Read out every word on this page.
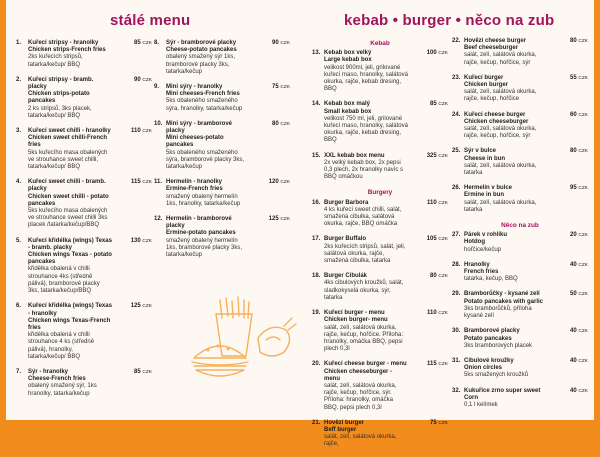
stálé menu	kebab • burger • něco na zub
1. Kuřecí stripsy - hranolky
Chicken strips-French fries
2ks kuřecích stripsů, tatarka/kečup/ BBQ
85 CZK
2. Kuřecí stripsy - bramb. placky
Chicken strips-potato pancakes
2 ks stripsů, 3ks placek, tatarka/kečup/ BBQ
90 CZK
3. Kuřecí sweet chilli - hranolky
Chicken sweet chilli-French fries
5ks kuřecího masa obalených ve strouhance sweet chilli, tatarka/kečup/ BBQ
110 CZK
4. Kuřecí sweet chilli - bramb. placky
Chicken sweet chilli - potato pancakes
5ks kuřecího masa obalených ve strouhance sweet chilli 3ks placek /tatarka/kečup/BBQ
115 CZK
5. Kuřecí křidélka (wings) Texas - bramb. placky
Chicken wings Texas - potato pancakes
křidélka obalená v chilli strouhance 4ks (středně pálivá), bramborové placky 3ks, tatarka/kečup/BBQ
130 CZK
6. Kuřecí křidélka (wings) Texas - hranolky
Chicken wings Texas-French fries
křidélka obalená v chilli strouhance 4 ks (středně pálivá), hranolky, tatarka/kečup/ BBQ
125 CZK
7. Sýr - hranolky
Cheese-French fries
obalený smažený sýr, 1ks hranolky, tatarka/kečup
85 CZK
8. Sýr - bramborové placky
Cheese-potato pancakes
obalený smažený sýr 1ks, bramborové placky 3ks, tatarka/kečup
90 CZK
9. Mini sýry - hranolky
Mini cheeses-French fries
5ks obaleného smaženého sýra, hranolky, tatarka/kečup
75 CZK
10. Mini sýry - bramborové placky
Mini cheeses-potato pancakes
5ks obaleného smaženého sýra, bramborové placky 3ks, tatarka/kečup
80 CZK
11. Hermelín - hranolky
Ermine-French fries
smažený obalený hermelín 1ks, hranolky, tatarka/kečup
120 CZK
12. Hermelín - bramborové placky
Ermine-potato pancakes
smažený obalený hermelín 1ks, bramborové placky 3ks, tatarka/kečup
125 CZK
Kebab
13. Kebab box velký
Large kebab box
velikost 900ml, jeli, grilované kuřecí maso, hranolky, salátová okurka, rajče, kebab dresing, BBQ
100 CZK
14. Kebab box malý
Small kebab box
velikost 750 ml, jeli, grilované kuřecí maso, hranolky, salátová okurka, rajče, kebab dresing, BBQ
85 CZK
15. XXL kebab box menu
2x velký kebab box, 2x pepsi 0,3 plech, 2x hranolky navíc s BBQ omáčkou
325 CZK
Burgery
16. Burger Barbora
4 ks kuřecí sweet chilli, salát, smažená cibulka, salátová okurka, rajče, BBQ omáčka
110 CZK
17. Burger Buffalo
2ks kuřecích stripsů, salát, jeli, salátová okurka, rajče, smažená cibulka, tatarka
105 CZK
18. Burger Cibulák
4ks cibulových kroužků, salát, sladkokyselá okurka, sýr, tatarka
80 CZK
19. Kuřecí burger - menu
Chicken burger- menu
salát, zelí, salátová okurka, rajče, kečup, hořčice. Příloha: hranolky, omáčka BBQ, pepsi plech 0,3l
110 CZK
20. Kuřecí cheese burger - menu
Chicken cheeseburger - menu
salát, zelí, salátová okurka, rajče, kečup, hořčice, sýr. Příloha: hranolky, omáčka BBQ, pepsi plech 0,3l
115 CZK
21. Hovězí burger
Beff burger
salát, zelí, salátová okurka, rajče,
75 CZK
22. Hovězí cheese burger
Beef cheeseburger
salát, zelí, salátová okurka, rajče, kečup, hořčice, sýr
80 CZK
23. Kuřecí burger
Chicken burger
salát, zelí, salátová okurka, rajče, kečup, hořčice
55 CZK
24. Kuřecí cheese burger
Chicken cheeseburger
salát, zelí, salátová okurka, rajče, kečup, hořčice, sýr
60 CZK
25. Sýr v bulce
Cheese in bun
salát, zelí, salátová okurka, tatarka
80 CZK
26. Hermelín v bulce
Ermine in bun
salát, zelí, salátová okurka, tatarka
95 CZK
Něco na zub
27. Párek v rohlíku
Hotdog
hořčice/kečup
20 CZK
28. Hranolky
French fries
tatarka, kečup, BBQ
40 CZK
29. Bramborůčky - kysané zelí
Potato pancakes with garlic
3ks bramborůčků, příloha kysané zelí
50 CZK
30. Bramborové placky
Potato pancakes
3ks bramborových placek
40 CZK
31. Cibulové kroužky
Onion circles
5ks smažených kroužků
40 CZK
32. Kukuřice zrno super sweet
Corn
0,1 l kelímek
40 CZK
